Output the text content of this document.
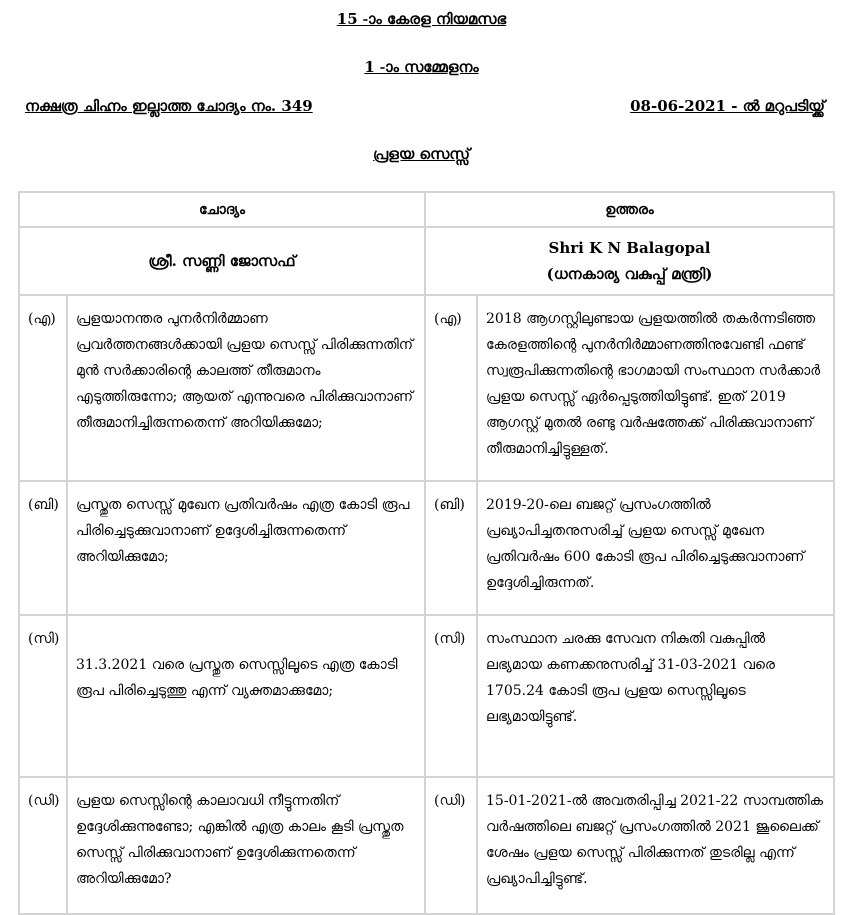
15 -ാം കേരള നിയമസഭ
1 -ാം സമ്മേളനം
നക്ഷത്ര ചിഹ്നം ഇല്ലാത്ത ചോദ്യം നം. 349	08-06-2021 - ൽ മറുപടിയ്ക്ക്
പ്രളയ സെസ്സ്
ചോദ്യം		ഉത്തരം	
ശ്രീ. സണ്ണി ജോസഫ്		Shri K N Balagopal
(ധനകാര്യ വകുപ്പ് മന്ത്രി)	

(എ)	പ്രളയാനന്തര പുനർനിർമ്മാണ പ്രവർത്തനങ്ങൾക്കായി പ്രളയ സെസ്സ് പിരിക്കുന്നതിന് മുൻ സർക്കാരിന്റെ കാലത്ത് തീരുമാനം എടുത്തിരുന്നോ; ആയത് എന്നുവരെ പിരിക്കുവാനാണ് തീരുമാനിച്ചിരുന്നതെന്ന് അറിയിക്കുമോ;	(എ)	2018 ആഗസ്റ്റിലുണ്ടായ പ്രളയത്തിൽ തകർന്നടിഞ്ഞ കേരളത്തിന്റെ പുനർനിർമ്മാണത്തിനുവേണ്ടി ഫണ്ട് സ്വരൂപിക്കുന്നതിന്റെ ഭാഗമായി സംസ്ഥാന സർക്കാർ പ്രളയ സെസ്സ് ഏർപ്പെടുത്തിയിട്ടുണ്ട്. ഇത് 2019 ആഗസ്റ്റ് മുതൽ രണ്ടു വർഷത്തേക്ക് പിരിക്കുവാനാണ് തീരുമാനിച്ചിട്ടുള്ളത്.
(ബി)	പ്രസ്തുത സെസ്സ് മുഖേന പ്രതിവർഷം എത്ര കോടി രൂപ പിരിച്ചെടുക്കുവാനാണ് ഉദ്ദേശിച്ചിരുന്നതെന്ന് അറിയിക്കുമോ;	(ബി)	2019-20-ലെ ബജറ്റ് പ്രസംഗത്തിൽ പ്രഖ്യാപിച്ചതനുസരിച്ച് പ്രളയ സെസ്സ് മുഖേന പ്രതിവർഷം 600 കോടി രൂപ പിരിച്ചെടുക്കുവാനാണ് ഉദ്ദേശിച്ചിരുന്നത്.
(സി)	31.3.2021 വരെ പ്രസ്തുത സെസ്സിലൂടെ എത്ര കോടി രൂപ പിരിച്ചെടുത്തു എന്ന് വ്യക്തമാക്കുമോ;	(സി)	സംസ്ഥാന ചരക്കു സേവന നികുതി വകുപ്പിൽ ലഭ്യമായ കണക്കനുസരിച്ച് 31-03-2021 വരെ 1705.24 കോടി രൂപ പ്രളയ സെസ്സിലൂടെ ലഭ്യമായിട്ടുണ്ട്.
(ഡി)	പ്രളയ സെസ്സിന്റെ കാലാവധി നീട്ടുന്നതിന് ഉദ്ദേശിക്കുന്നുണ്ടോ; എങ്കിൽ എത്ര കാലം കൂടി പ്രസ്തുത സെസ്സ് പിരിക്കുവാനാണ് ഉദ്ദേശിക്കുന്നതെന്ന് അറിയിക്കുമോ?	(ഡി)	15-01-2021-ൽ അവതരിപ്പിച്ച 2021-22 സാമ്പത്തിക വർഷത്തിലെ ബജറ്റ് പ്രസംഗത്തിൽ 2021 ജൂലൈക്ക് ശേഷം പ്രളയ സെസ്സ് പിരിക്കുന്നത് തുടരില്ല എന്ന് പ്രഖ്യാപിച്ചിട്ടുണ്ട്.
